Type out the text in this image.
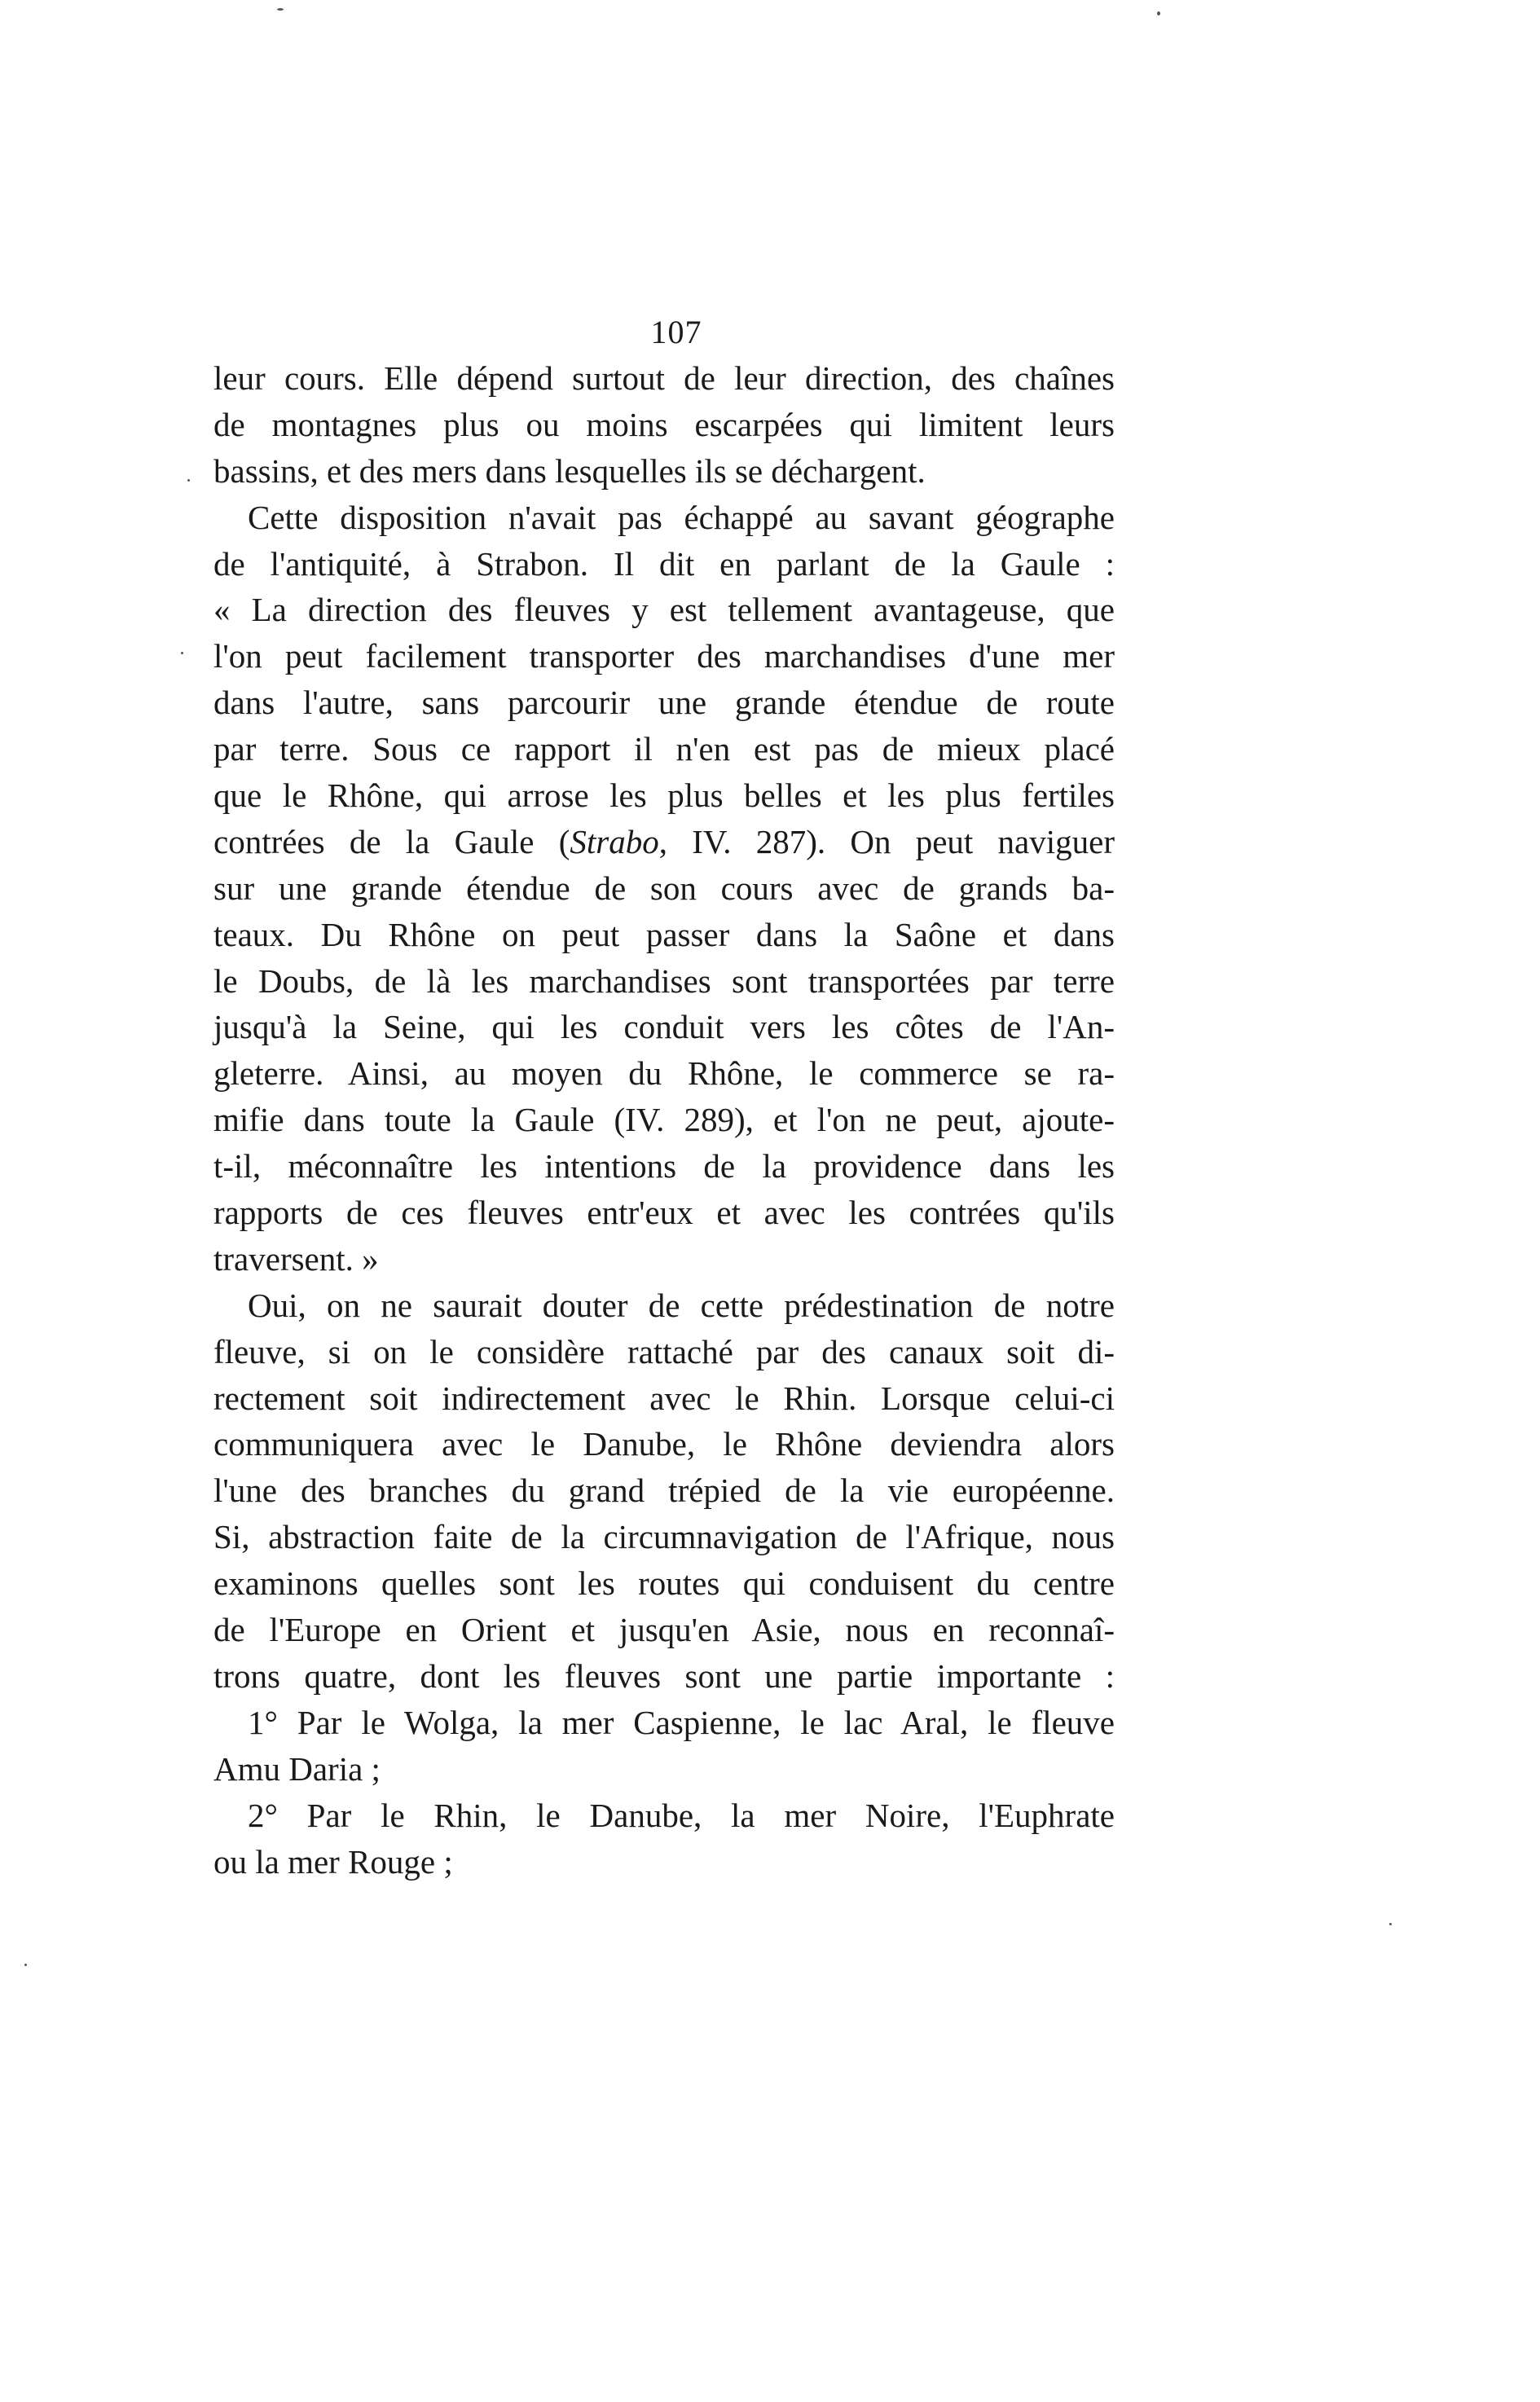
107
leur cours. Elle dépend surtout de leur direction, des chaînes
de montagnes plus ou moins escarpées qui limitent leurs
bassins, et des mers dans lesquelles ils se déchargent.
Cette disposition n'avait pas échappé au savant géographe
de l'antiquité, à Strabon. Il dit en parlant de la Gaule :
« La direction des fleuves y est tellement avantageuse, que
l'on peut facilement transporter des marchandises d'une mer
dans l'autre, sans parcourir une grande étendue de route
par terre. Sous ce rapport il n'en est pas de mieux placé
que le Rhône, qui arrose les plus belles et les plus fertiles
contrées de la Gaule (Strabo, IV. 287). On peut naviguer
sur une grande étendue de son cours avec de grands ba-
teaux. Du Rhône on peut passer dans la Saône et dans
le Doubs, de là les marchandises sont transportées par terre
jusqu'à la Seine, qui les conduit vers les côtes de l'An-
gleterre. Ainsi, au moyen du Rhône, le commerce se ra-
mifie dans toute la Gaule (IV. 289), et l'on ne peut, ajoute-
t-il, méconnaître les intentions de la providence dans les
rapports de ces fleuves entr'eux et avec les contrées qu'ils
traversent. »
Oui, on ne saurait douter de cette prédestination de notre
fleuve, si on le considère rattaché par des canaux soit di-
rectement soit indirectement avec le Rhin. Lorsque celui-ci
communiquera avec le Danube, le Rhône deviendra alors
l'une des branches du grand trépied de la vie européenne.
Si, abstraction faite de la circumnavigation de l'Afrique, nous
examinons quelles sont les routes qui conduisent du centre
de l'Europe en Orient et jusqu'en Asie, nous en reconnaî-
trons quatre, dont les fleuves sont une partie importante :
1° Par le Wolga, la mer Caspienne, le lac Aral, le fleuve
Amu Daria ;
2° Par le Rhin, le Danube, la mer Noire, l'Euphrate
ou la mer Rouge ;
